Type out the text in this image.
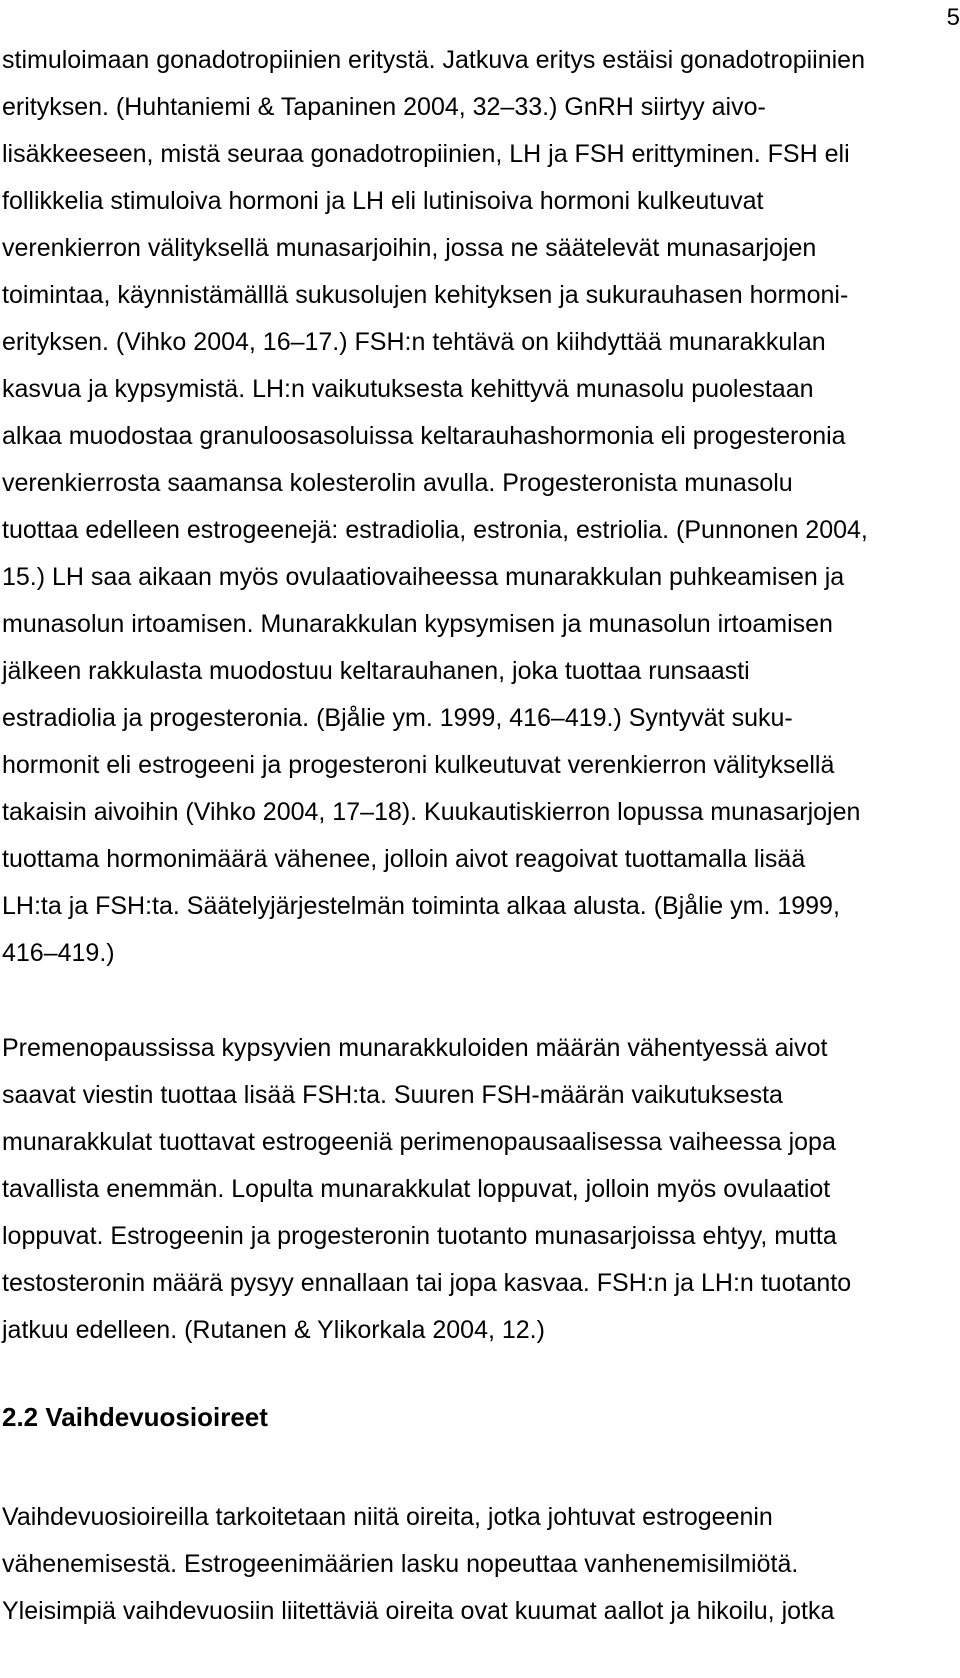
5
stimuloimaan gonadotropiinien eritystä. Jatkuva eritys estäisi gonadotropiinien
erityksen. (Huhtaniemi & Tapaninen 2004, 32–33.) GnRH siirtyy aivo-
lisäkkeeseen, mistä seuraa gonadotropiinien, LH ja FSH erittyminen. FSH eli
follikkelia stimuloiva hormoni ja LH eli lutinisoiva hormoni kulkeutuvat
verenkierron välityksellä munasarjoihin, jossa ne säätelevät munasarjojen
toimintaa, käynnistämälllä sukusolujen kehityksen ja sukurauhasen hormoni-
erityksen. (Vihko 2004, 16–17.) FSH:n tehtävä on kiihdyttää munarakkulan
kasvua ja kypsymistä. LH:n vaikutuksesta kehittyvä munasolu puolestaan
alkaa muodostaa granuloosasoluissa keltarauhashormonia eli progesteronia
verenkierrosta saamansa kolesterolin avulla. Progesteronista munasolu
tuottaa edelleen estrogeenejä: estradiolia, estronia, estriolia. (Punnonen 2004,
15.) LH saa aikaan myös ovulaatiovaiheessa munarakkulan puhkeamisen ja
munasolun irtoamisen. Munarakkulan kypsymisen ja munasolun irtoamisen
jälkeen rakkulasta muodostuu keltarauhanen, joka tuottaa runsaasti
estradiolia ja progesteronia. (Bjålie ym. 1999, 416–419.) Syntyvät suku-
hormonit eli estrogeeni ja progesteroni kulkeutuvat verenkierron välityksellä
takaisin aivoihin (Vihko 2004, 17–18). Kuukautiskierron lopussa munasarjojen
tuottama hormonimäärä vähenee, jolloin aivot reagoivat tuottamalla lisää
LH:ta ja FSH:ta. Säätelyjärjestelmän toiminta alkaa alusta. (Bjålie ym. 1999,
416–419.)
Premenopaussissa kypsyvien munarakkuloiden määrän vähentyessä aivot
saavat viestin tuottaa lisää FSH:ta. Suuren FSH-määrän vaikutuksesta
munarakkulat tuottavat estrogeeniä perimenopausaalisessa vaiheessa jopa
tavallista enemmän. Lopulta munarakkulat loppuvat, jolloin myös ovulaatiot
loppuvat. Estrogeenin ja progesteronin tuotanto munasarjoissa ehtyy, mutta
testosteronin määrä pysyy ennallaan tai jopa kasvaa. FSH:n ja LH:n tuotanto
jatkuu edelleen. (Rutanen & Ylikorkala 2004, 12.)
2.2 Vaihdevuosioireet
Vaihdevuosioireilla tarkoitetaan niitä oireita, jotka johtuvat estrogeenin
vähenemisestä. Estrogeenimäärien lasku nopeuttaa vanhenemisilmiötä.
Yleisimpiä vaihdevuosiin liitettäviä oireita ovat kuumat aallot ja hikoilu, jotka
